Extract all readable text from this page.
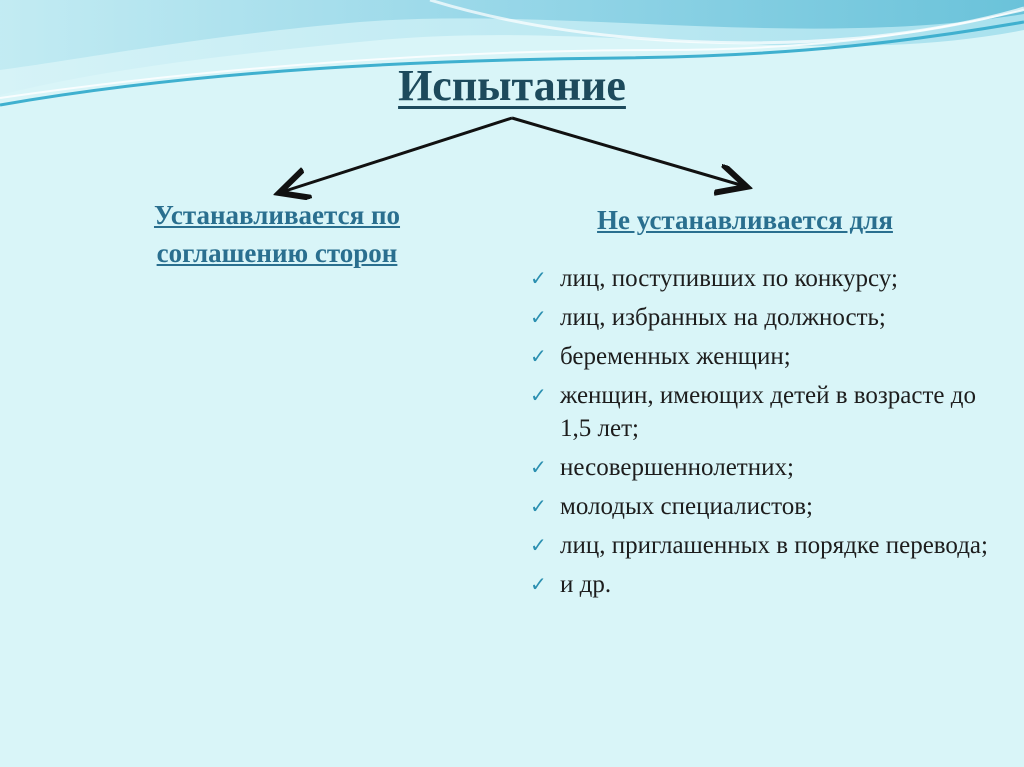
Испытание
Устанавливается по соглашению сторон
Не устанавливается для
✓ лиц, поступивших по конкурсу;
✓ лиц, избранных на должность;
✓ беременных женщин;
✓ женщин, имеющих детей в возрасте до 1,5 лет;
✓ несовершеннолетних;
✓ молодых специалистов;
✓ лиц, приглашенных в порядке перевода;
✓ и др.
